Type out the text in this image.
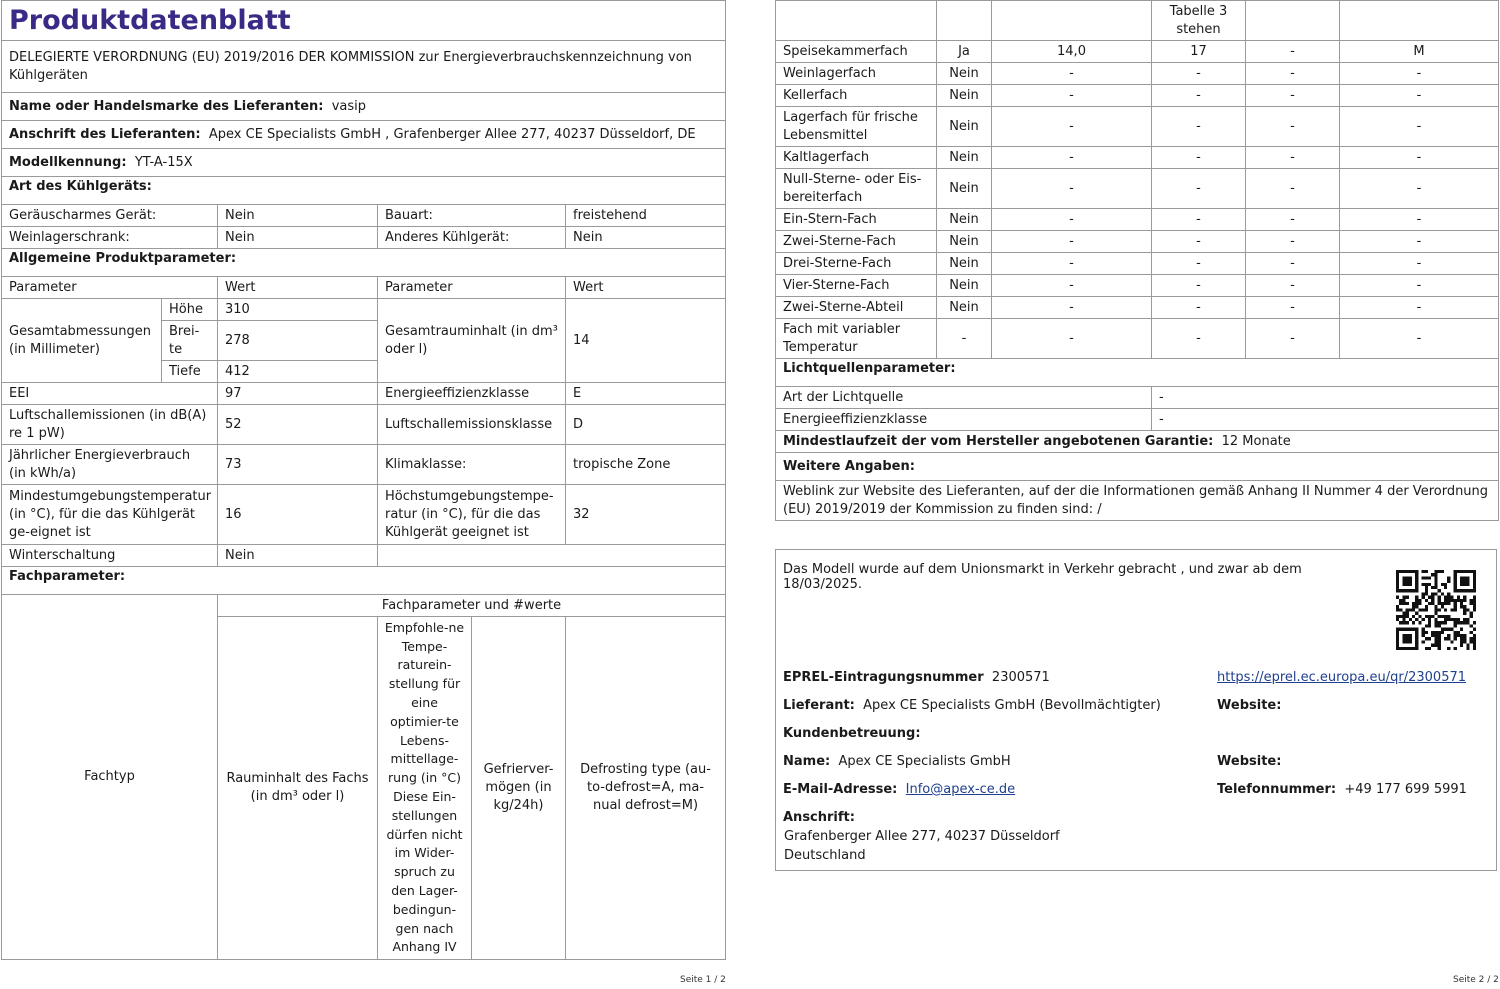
Produktdatenblatt					

DELEGIERTE VERORDNUNG (EU) 2019/2016 DER KOMMISSION zur Energieverbrauchskennzeichnung von Kühlgeräten					
Name oder Handelsmarke des Lieferanten: vasip					
Anschrift des Lieferanten: Apex CE Specialists GmbH , Grafenberger Allee 277, 40237 Düsseldorf, DE					
Modellkennung: YT-A-15X					
Art des Kühlgeräts:					
Geräuscharmes Gerät:		Nein	Bauart:		freistehend
Weinlagerschrank:		Nein	Anderes Kühlgerät:		Nein
Allgemeine Produktparameter:					
Parameter		Wert	Parameter		Wert
Gesamtabmessungen (in Millimeter)	Höhe	310	Gesamtrauminhalt (in dm³ oder l)		14
	Brei-te	278			
	Tiefe	412			
EEI		97	Energieeffizienzklasse		E
Luftschallemissionen (in dB(A) re 1 pW)		52	Luftschallemissionsklasse		D
Jährlicher Energieverbrauch (in kWh/a)		73	Klimaklasse:		tropische Zone
Mindestumgebungstemperatur (in °C), für die das Kühlgerät ge-eignet ist		16	Höchstumgebungstempe-ratur (in °C), für die das Kühlgerät geeignet ist		32
Winterschaltung		Nein			
Fachparameter:					
Fachtyp		Fachparameter und #werte			
		Rauminhalt des Fachs (in dm³ oder l)	Empfohle-ne Tempe-raturein-stellung für eine optimier-te Lebens-mittellage-rung (in °C) Diese Ein-stellungen dürfen nicht im Wider-spruch zu den Lager-bedingun-gen nach Anhang IV	Gefrierver-mögen (in kg/24h)	Defrosting type (au-to-defrost=A, ma-nual defrost=M)
Seite 1 / 2
			Tabelle 3 stehen		
Speisekammerfach	Ja	14,0	17	-	M
Weinlagerfach	Nein	-	-	-	-
Kellerfach	Nein	-	-	-	-
Lagerfach für frische Lebensmittel	Nein	-	-	-	-
Kaltlagerfach	Nein	-	-	-	-
Null-Sterne- oder Eis-bereiterfach	Nein	-	-	-	-
Ein-Stern-Fach	Nein	-	-	-	-
Zwei-Sterne-Fach	Nein	-	-	-	-
Drei-Sterne-Fach	Nein	-	-	-	-
Vier-Sterne-Fach	Nein	-	-	-	-
Zwei-Sterne-Abteil	Nein	-	-	-	-
Fach mit variabler Temperatur	-	-	-	-	-
Lichtquellenparameter:					
Art der Lichtquelle			-		
Energieeffizienzklasse			-		
Mindestlaufzeit der vom Hersteller angebotenen Garantie: 12 Monate					
Weitere Angaben:					
Weblink zur Website des Lieferanten, auf der die Informationen gemäß Anhang II Nummer 4 der Verordnung (EU) 2019/2019 der Kommission zu finden sind: /					
Das Modell wurde auf dem Unionsmarkt in Verkehr gebracht , und zwar ab dem 18/03/2025.
EPREL-Eintragungsnummer 2300571	https://eprel.ec.europa.eu/qr/2300571
Lieferant: Apex CE Specialists GmbH (Bevollmächtigter)	Website:
Kundenbetreuung:
Name: Apex CE Specialists GmbH	Website:
E-Mail-Adresse: Info@apex-ce.de	Telefonnummer: +49 177 699 5991
Anschrift:
Grafenberger Allee 277, 40237 Düsseldorf
Deutschland
Seite 2 / 2
